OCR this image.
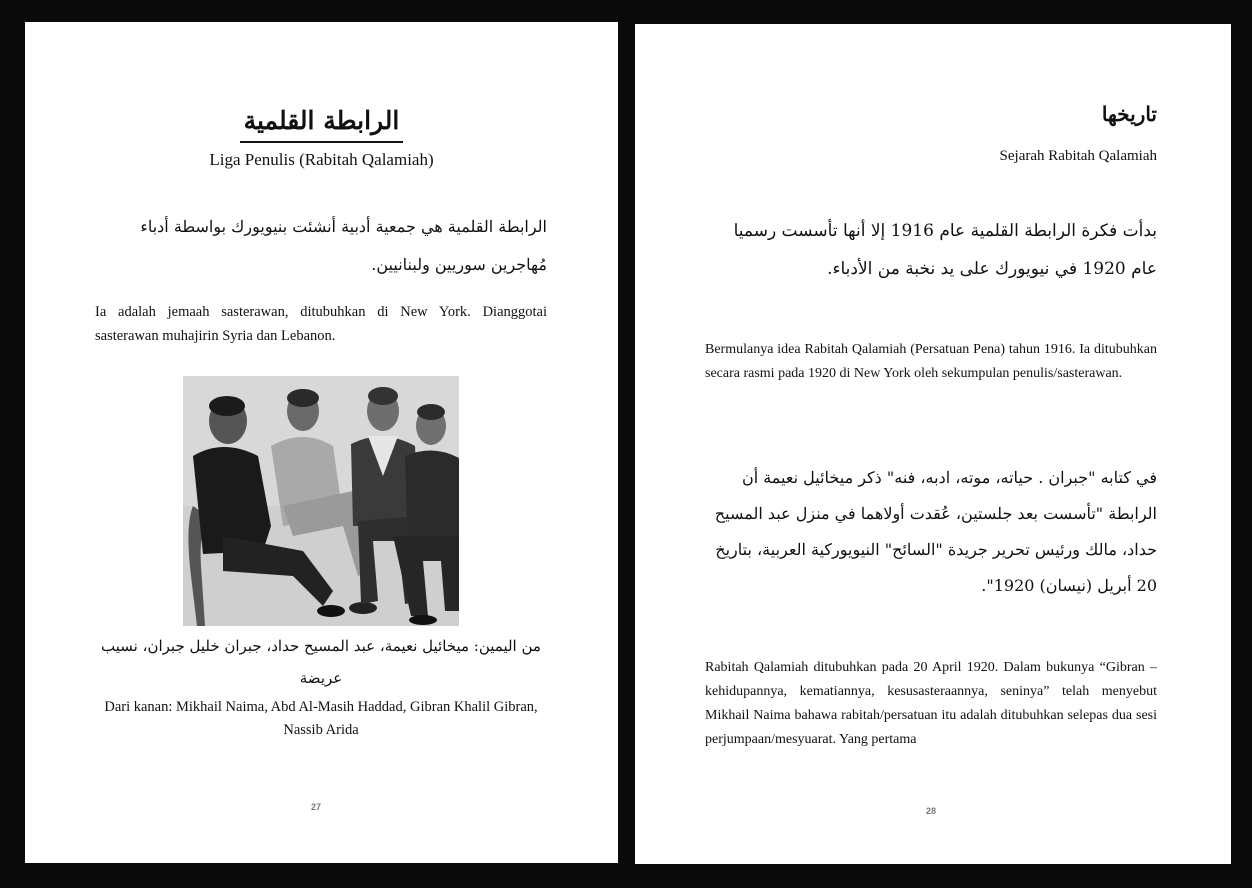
الرابطة القلمية
Liga Penulis (Rabitah Qalamiah)
الرابطة القلمية هي جمعية أدبية أنشئت بنيويورك بواسطة أدباء مُهاجرين سوريين ولبنانيين.
Ia adalah jemaah sasterawan, ditubuhkan di New York. Dianggotai sasterawan muhajirin Syria dan Lebanon.
من اليمين: ميخائيل نعيمة، عبد المسيح حداد، جبران خليل جبران، نسيب عريضة
Dari kanan: Mikhail Naima, Abd Al-Masih Haddad, Gibran Khalil Gibran, Nassib Arida
27
تاريخها
Sejarah Rabitah Qalamiah
بدأت فكرة الرابطة القلمية عام 1916 إلا أنها تأسست رسميا عام 1920 في نيويورك على يد نخبة من الأدباء.
Bermulanya idea Rabitah Qalamiah (Persatuan Pena) tahun 1916. Ia ditubuhkan secara rasmi pada 1920 di New York oleh sekumpulan penulis/sasterawan.
في كتابه "جبران . حياته، موته، ادبه، فنه" ذكر ميخائيل نعيمة أن الرابطة "تأسست بعد جلستين، عُقدت أولاهما في منزل عبد المسيح حداد، مالك ورئيس تحرير جريدة "السائح" النيويوركية العربية، بتاريخ 20 أبريل (نيسان) 1920".
Rabitah Qalamiah ditubuhkan pada 20 April 1920. Dalam bukunya “Gibran – kehidupannya, kematiannya, kesusasteraannya, seninya” telah menyebut Mikhail Naima bahawa rabitah/persatuan itu adalah ditubuhkan selepas dua sesi perjumpaan/mesyuarat. Yang pertama
28
